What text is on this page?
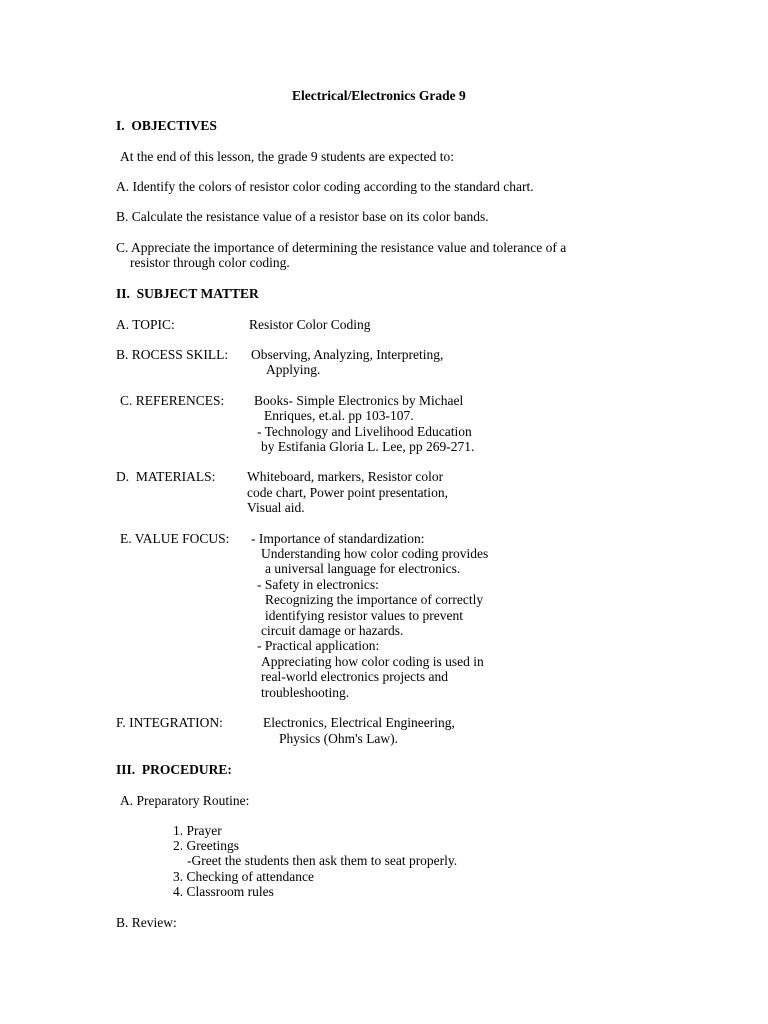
Electrical/Electronics Grade 9
I.  OBJECTIVES
At the end of this lesson, the grade 9 students are expected to:
A. Identify the colors of resistor color coding according to the standard chart.
B. Calculate the resistance value of a resistor base on its color bands.
C. Appreciate the importance of determining the resistance value and tolerance of a
resistor through color coding.
II.  SUBJECT MATTER
A. TOPIC:	Resistor Color Coding
B. ROCESS SKILL: Observing, Analyzing, Interpreting,
Applying.
C. REFERENCES: Books- Simple Electronics by Michael
Enriques, et.al. pp 103-107.
- Technology and Livelihood Education
by Estifania Gloria L. Lee, pp 269-271.
D.  MATERIALS: Whiteboard, markers, Resistor color
code chart, Power point presentation,
Visual aid.
E. VALUE FOCUS: - Importance of standardization:
Understanding how color coding provides
a universal language for electronics.
- Safety in electronics:
Recognizing the importance of correctly
identifying resistor values to prevent
circuit damage or hazards.
- Practical application:
Appreciating how color coding is used in
real-world electronics projects and
troubleshooting.
F. INTEGRATION:	Electronics, Electrical Engineering,
Physics (Ohm's Law).
III.  PROCEDURE:
A. Preparatory Routine:
1. Prayer
2. Greetings
-Greet the students then ask them to seat properly.
3. Checking of attendance
4. Classroom rules
B. Review:
